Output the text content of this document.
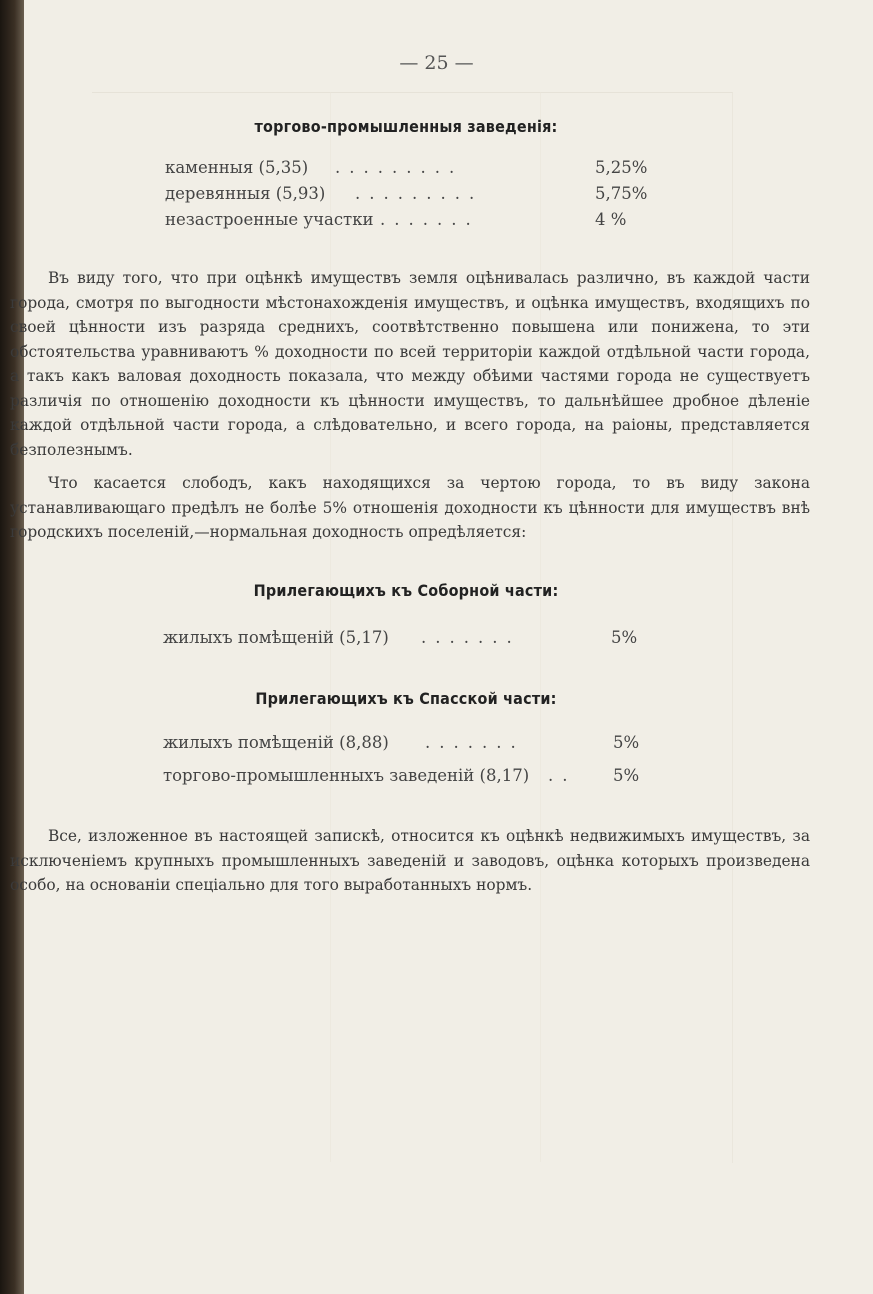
— 25 —
торгово-промышленныя заведенія:
каменныя (5,35) .........	5,25%
деревянныя (5,93) .........	5,75%
незастроенные участки .......	4 %

Въ виду того, что при оцѣнкѣ имуществъ земля оцѣнивалась различно, въ каждой части города, смотря по выгодности мѣстонахожденія имуществъ, и оцѣнка имуществъ, входящихъ по своей цѣнности изъ разряда среднихъ, соотвѣтственно повышена или понижена, то эти обстоятельства уравниваютъ % доходности по всей территоріи каждой отдѣльной части города, а такъ какъ валовая доходность показала, что между обѣими частями города не существуетъ различія по отношенію доходности къ цѣнности имуществъ, то дальнѣйшее дробное дѣленіе каждой отдѣльной части города, а слѣдовательно, и всего города, на раіоны, представляется безполезнымъ.

Что касается слободъ, какъ находящихся за чертою города, то въ виду закона устанавливающаго предѣлъ не болѣе 5% отношенія доходности къ цѣнности для имуществъ внѣ городскихъ поселеній,—нормальная доходность опредѣляется:

Прилегающихъ къ Соборной части:
жилыхъ помѣщеній (5,17) .......	5%
Прилегающихъ къ Спасской части:
жилыхъ помѣщеній (8,88) .......	5%
торгово-промышленныхъ заведеній (8,17) .. 5%

Все, изложенное въ настоящей запискѣ, относится къ оцѣнкѣ недвижимыхъ имуществъ, за исключеніемъ крупныхъ промышленныхъ заведеній и заводовъ, оцѣнка которыхъ произведена особо, на основаніи спеціально для того выработанныхъ нормъ.
